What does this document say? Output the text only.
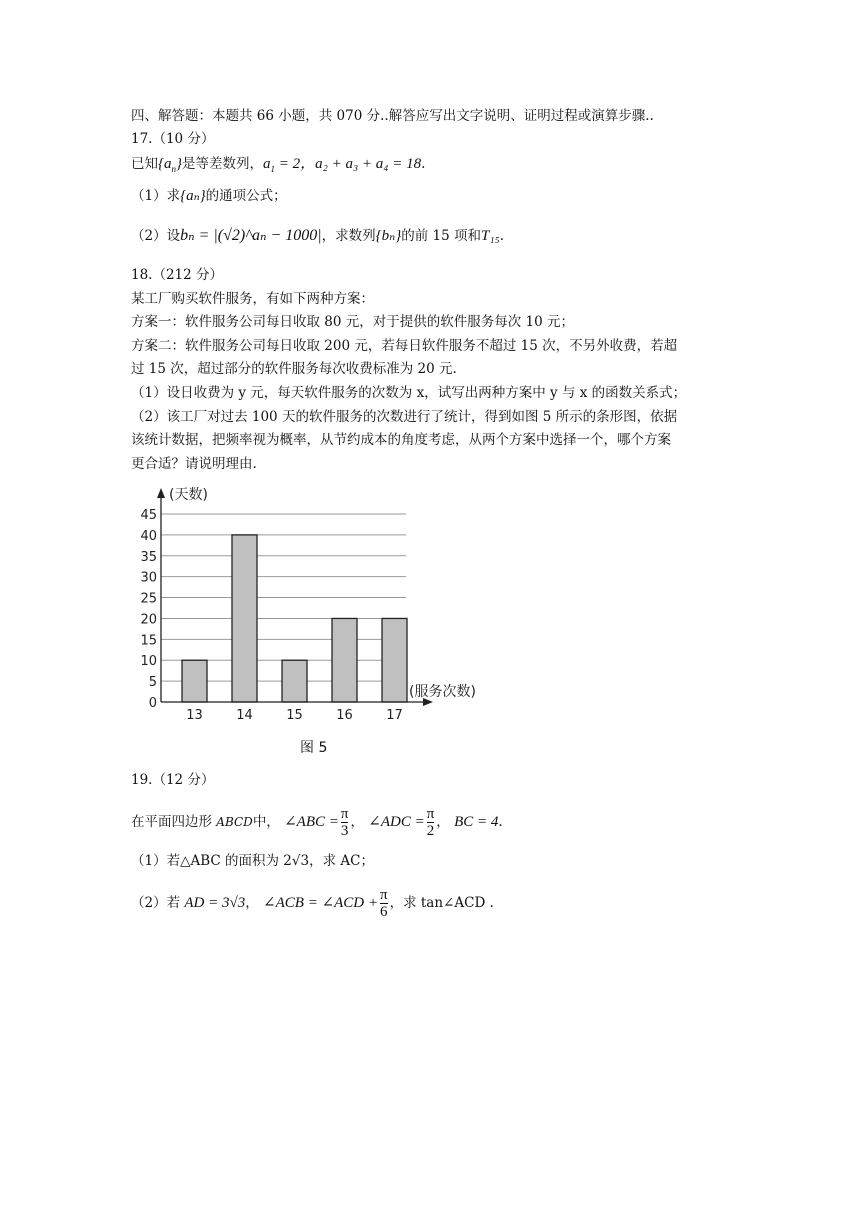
四、解答题：本题共 66 小题，共 070 分..解答应写出文字说明、证明过程或演算步骤..
17.（10 分）
已知$\{a_n\}$是等差数列，$a_1 = 2$，a₂ + a₃ + a₄ = 18.
（1）求{aₙ}的通项公式；
（2）设bₙ = |(√2)^aₙ − 1000|，求数列{bₙ}的前 15 项和T₁₅.
18.（212 分）
某工厂购买软件服务，有如下两种方案：
方案一：软件服务公司每日收取 80 元，对于提供的软件服务每次 10 元；
方案二：软件服务公司每日收取 200 元，若每日软件服务不超过 15 次，不另外收费，若超
过 15 次，超过部分的软件服务每次收费标准为 20 元.
（1）设日收费为 y 元，每天软件服务的次数为 x，试写出两种方案中 y 与 x 的函数关系式；
（2）该工厂对过去 100 天的软件服务的次数进行了统计，得到如图 5 所示的条形图，依据
该统计数据，把频率视为概率，从节约成本的角度考虑，从两个方案中选择一个，哪个方案
更合适？请说明理由.
0
5
10
15
20
25
30
35
40
45
13	14	15	16	17
(天数)
(服务次数)
图 5
19.（12 分）
在平面四边形 ABCD中， ∠ABC = $\frac{\pi}{3}$ ， ∠ADC = $\frac{\pi}{2}$ ， BC = 4.
（1）若△ABC 的面积为 2√3，求 AC；
（2）若 AD = 3√3， ∠ACB = ∠ACD + $\frac{\pi}{6}$ ，求 tan∠ACD .
